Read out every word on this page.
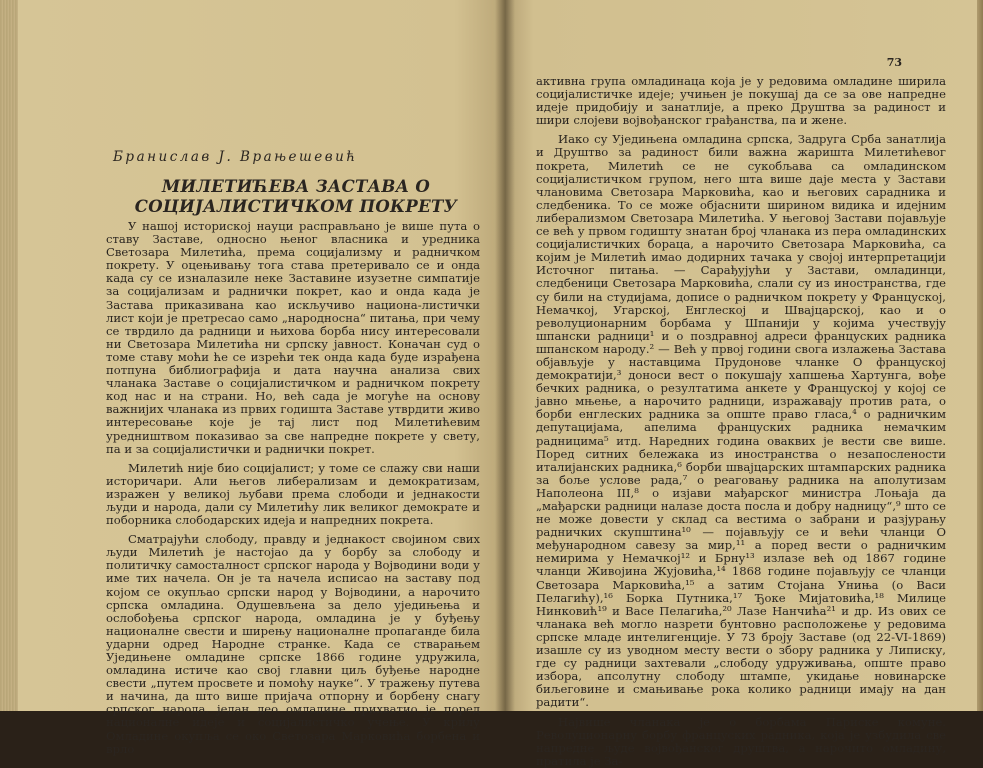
Бранислав Ј. Врањешевић
МИЛЕТИЋЕВА ЗАСТАВА О СОЦИЈАЛИСТИЧКОМ ПОКРЕТУ

У нашој историској науци расправљано је више пута о ставу Заставе, односно њеног власника и уредника Светозара Милетића, према социјализму и радничком покрету. У оцењивању тога става претеривало се и онда када су се изналазиле неке Заставине изузетне симпатије за социјализам и раднички покрет, као и онда када је Застава приказивана као искључиво национа-листички лист који је претресао само „народносна“ питања, при чему се тврдило да радници и њихова борба нису интересовали ни Светозара Милетића ни српску јавност. Коначан суд о томе ставу моћи ће се изрећи тек онда када буде израђена потпуна библиографија и дата научна анализа свих чланака Заставе о социјалистичком и радничком покрету код нас и на страни. Но, већ сада је могуће на основу важнијих чланака из првих годишта Заставе утврдити живо интересовање које је тај лист под Милетићевим уредништвом показивао за све напредне покрете у свету, па и за социјалистички и раднички покрет.

Милетић није био социјалист; у томе се слажу сви наши историчари. Али његов либерализам и демократизам, изражен у великој љубави према слободи и једнакости људи и народа, дали су Милетићу лик великог демократе и поборника слободарских идеја и напредних покрета.

Сматрајући слободу, правду и једнакост својином свих људи Милетић је настојао да у борбу за слободу и политичку самосталност српског народа у Војводини води у име тих начела. Он је та начела исписао на заставу под којом се окупљао српски народ у Војводини, а нарочито српска омладина. Одушевљена за дело уједињења и ослобођења српског народа, омладина је у буђењу националне свести и ширењу националне пропаганде била ударни одред Народне странке. Када се стварањем Уједињене омладине српске 1866 године удружила, омладина истиче као свој главни циљ буђење народне свести „путем просвете и помоћу науке“. У тражењу путева и начина, да што више пријача отпорну и борбену снагу српског народа, један део омладине прихватио је поред националне идеје и социјалистичко учење. У крилу Омладине окупља се око Светозара Марковића борбена и врло

73

активна група омладинаца која је у редовима омладине ширила социјалистичке идеје; учињен је покушај да се за ове напредне идеје придобију и занатлије, а преко Друштва за радиност и шири слојеви војвођанског грађанства, па и жене.

Иако су Уједињена омладина српска, Задруга Срба занатлија и Друштво за радиност били важна жаришта Милетићевог покрета, Милетић се не сукобљава са омладинском социјалистичком групом, него шта више даје места у Застави члановима Светозара Марковића, као и његових сарадника и следбеника. То се може објаснити ширином видика и идејним либерализмом Светозара Милетића. У његовој Застави појављује се већ у првом годишту знатан број чланака из пера омладинских социјалистичких бораца, а нарочито Светозара Марковића, са којим је Милетић имао додирних тачака у својој интерпретацији Источног питања. — Сарађујући у Застави, омладинци, следбеници Светозара Марковића, слали су из иностранства, где су били на студијама, дописе о радничком покрету у Француској, Немачкој, Угарској, Енглеској и Швајцарској, као и о револуционарним борбама у Шпанији у којима учествују шпански радници¹ и о поздравној адреси француских радника шпанском народу.² — Већ у првој години свога излажења Застава објављује у наставцима Прудонове чланке О француској демократији,³ доноси вест о покушају хапшења Хартунга, вође бечких радника, о резултатима анкете у Француској у којој се јавно мњење, а нарочито радници, изражавају против рата, о борби енглеских радника за опште право гласа,⁴ о радничким депутацијама, апелима француских радника немачким радницима⁵ итд. Наредних година оваквих је вести све више. Поред ситних бележака из иностранства о незапослености италијанских радника,⁶ борби швајцарских штампарских радника за боље услове рада,⁷ о реаговању радника на аполутизам Наполеона III,⁸ о изјави мађарског министра Лоњаја да „мађарски радници налазе доста посла и добру надницу“,⁹ што се не може довести у склад са вестима о забрани и разјурању радничких скупштина¹⁰ — појављују се и већи чланци О међународном савезу за мир,¹¹ а поред вести о радничким немирима у Немачкој¹² и Брну¹³ излазе већ од 1867 године чланци Живојина Жујовића,¹⁴ 1868 године појављују се чланци Светозара Марковића,¹⁵ а затим Стојана Униња (о Васи Пелагићу),¹⁶ Борка Путника,¹⁷ Ђоке Мијатовића,¹⁸ Милице Нинковић¹⁹ и Васе Пелагића,²⁰ Лазе Нанчића²¹ и др. Из ових се чланака већ могло назрети бунтовно расположење у редовима српске младе интелигенције. У 73 броју Заставе (од 22-VI-1869) изашле су из уводном месту вести о збору радника у Липиску, где су радници захтевали „слободу удруживања, опште право избора, апсолутну слободу штампе, укидање новинарске биљеговине и смањивање рока колико радници имају на дан радити“.

Највише чланака је о борбама Париске комуне. Револуционарну борбу француских радника, која је узбудила све напредне људе војвођанског друштва, а нарочито омладину, пратила је За-
